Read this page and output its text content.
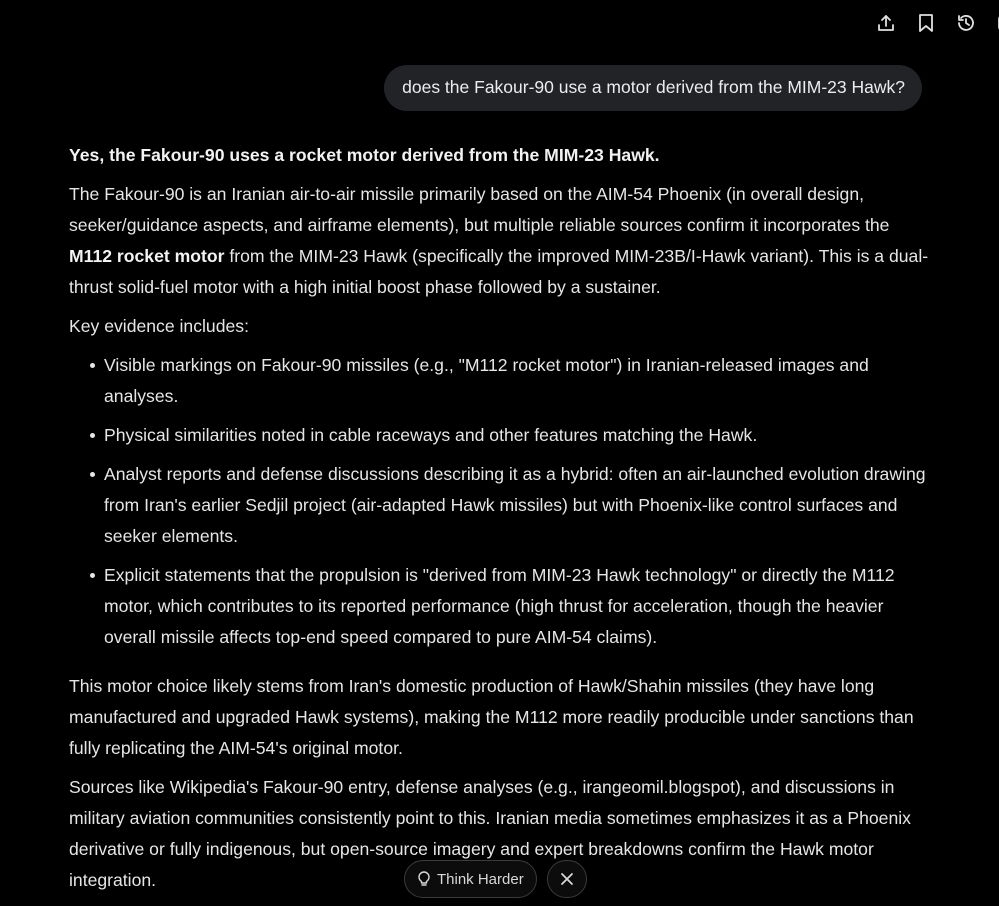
does the Fakour-90 use a motor derived from the MIM-23 Hawk?

Yes, the Fakour-90 uses a rocket motor derived from the MIM-23 Hawk.

The Fakour-90 is an Iranian air-to-air missile primarily based on the AIM-54 Phoenix (in overall design, seeker/guidance aspects, and airframe elements), but multiple reliable sources confirm it incorporates the M112 rocket motor from the MIM-23 Hawk (specifically the improved MIM-23B/I-Hawk variant). This is a dual-thrust solid-fuel motor with a high initial boost phase followed by a sustainer.

Key evidence includes:

Visible markings on Fakour-90 missiles (e.g., "M112 rocket motor") in Iranian-released images and analyses.
Physical similarities noted in cable raceways and other features matching the Hawk.
Analyst reports and defense discussions describing it as a hybrid: often an air-launched evolution drawing from Iran's earlier Sedjil project (air-adapted Hawk missiles) but with Phoenix-like control surfaces and seeker elements.
Explicit statements that the propulsion is "derived from MIM-23 Hawk technology" or directly the M112 motor, which contributes to its reported performance (high thrust for acceleration, though the heavier overall missile affects top-end speed compared to pure AIM-54 claims).

This motor choice likely stems from Iran's domestic production of Hawk/Shahin missiles (they have long manufactured and upgraded Hawk systems), making the M112 more readily producible under sanctions than fully replicating the AIM-54's original motor.

Sources like Wikipedia's Fakour-90 entry, defense analyses (e.g., irangeomil.blogspot), and discussions in military aviation communities consistently point to this. Iranian media sometimes emphasizes it as a Phoenix derivative or fully indigenous, but open-source imagery and expert breakdowns confirm the Hawk motor integration.	Think Harder
